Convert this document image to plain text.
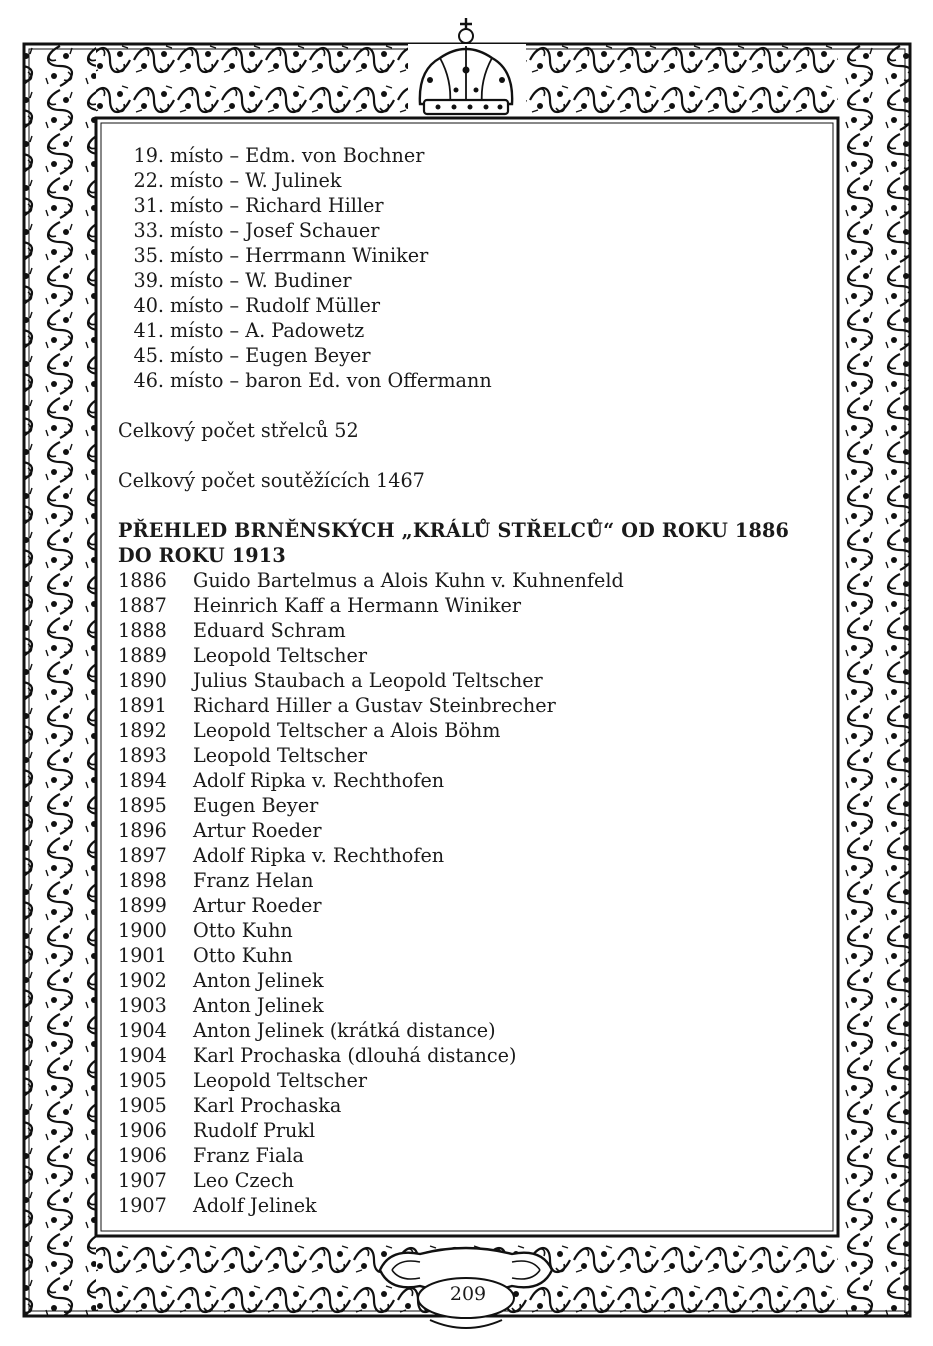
19. místo – Edm. von Bochner
22. místo – W. Julinek
31. místo – Richard Hiller
33. místo – Josef Schauer
35. místo – Herrmann Winiker
39. místo – W. Budiner
40. místo – Rudolf Müller
41. místo – A. Padowetz
45. místo – Eugen Beyer
46. místo – baron Ed. von Offermann
Celkový počet střelců 52
Celkový počet soutěžících 1467
PŘEHLED BRNĚNSKÝCH „KRÁLŮ STŘELCŮ“ OD ROKU 1886
DO ROKU 1913
1886	Guido Bartelmus a Alois Kuhn v. Kuhnenfeld
1887	Heinrich Kaff a Hermann Winiker
1888	Eduard Schram
1889	Leopold Teltscher
1890	Julius Staubach a Leopold Teltscher
1891	Richard Hiller a Gustav Steinbrecher
1892	Leopold Teltscher a Alois Böhm
1893	Leopold Teltscher
1894	Adolf Ripka v. Rechthofen
1895	Eugen Beyer
1896	Artur Roeder
1897	Adolf Ripka v. Rechthofen
1898	Franz Helan
1899	Artur Roeder
1900	Otto Kuhn
1901	Otto Kuhn
1902	Anton Jelinek
1903	Anton Jelinek
1904	Anton Jelinek (krátká distance)
1904	Karl Prochaska (dlouhá distance)
1905	Leopold Teltscher
1905	Karl Prochaska
1906	Rudolf Prukl
1906	Franz Fiala
1907	Leo Czech
1907	Adolf Jelinek
209
